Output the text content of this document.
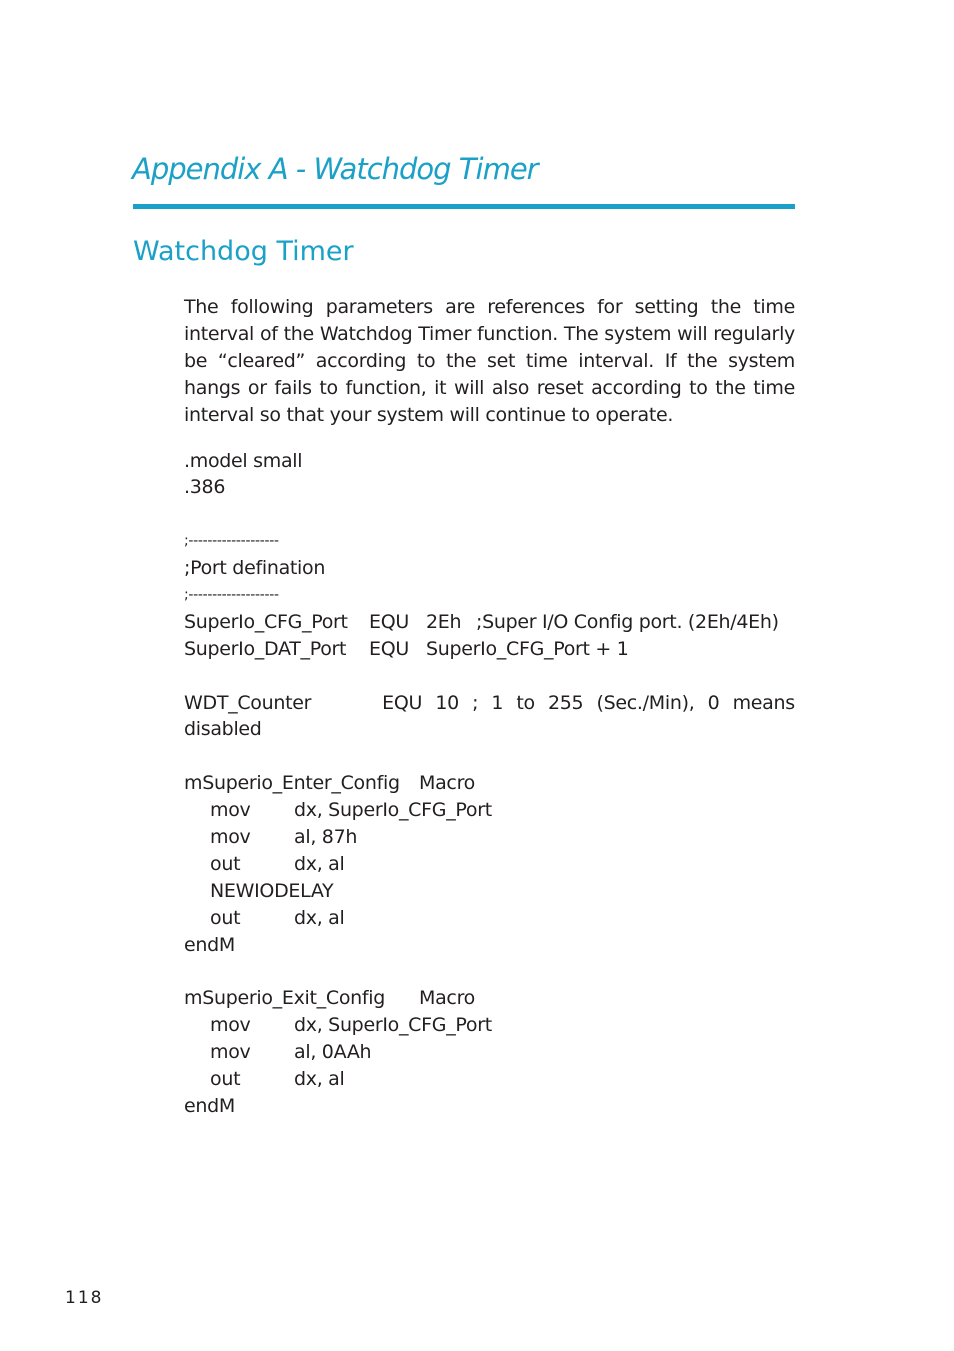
Appendix A - Watchdog Timer
Watchdog Timer

The following parameters are references for setting the time interval of the Watchdog Timer function. The system will regularly be “cleared” according to the set time interval. If the system hangs or fails to function, it will also reset according to the time interval so that your system will continue to operate.

.model small
.386
;-------------------
;Port defination
;-------------------
SuperIo_CFG_Port EQU 2Eh ;Super I/O Config port. (2Eh/4Eh)
SuperIo_DAT_Port EQU SuperIo_CFG_Port + 1
WDT_Counter	EQU 10 ; 1 to 255 (Sec./Min), 0 means
disabled
mSuperio_Enter_Config Macro
mov dx, SuperIo_CFG_Port
mov al, 87h
out	dx, al
NEWIODELAY
out	dx, al
endM
mSuperio_Exit_Config Macro
mov dx, SuperIo_CFG_Port
mov al, 0AAh
out	dx, al
endM
118
